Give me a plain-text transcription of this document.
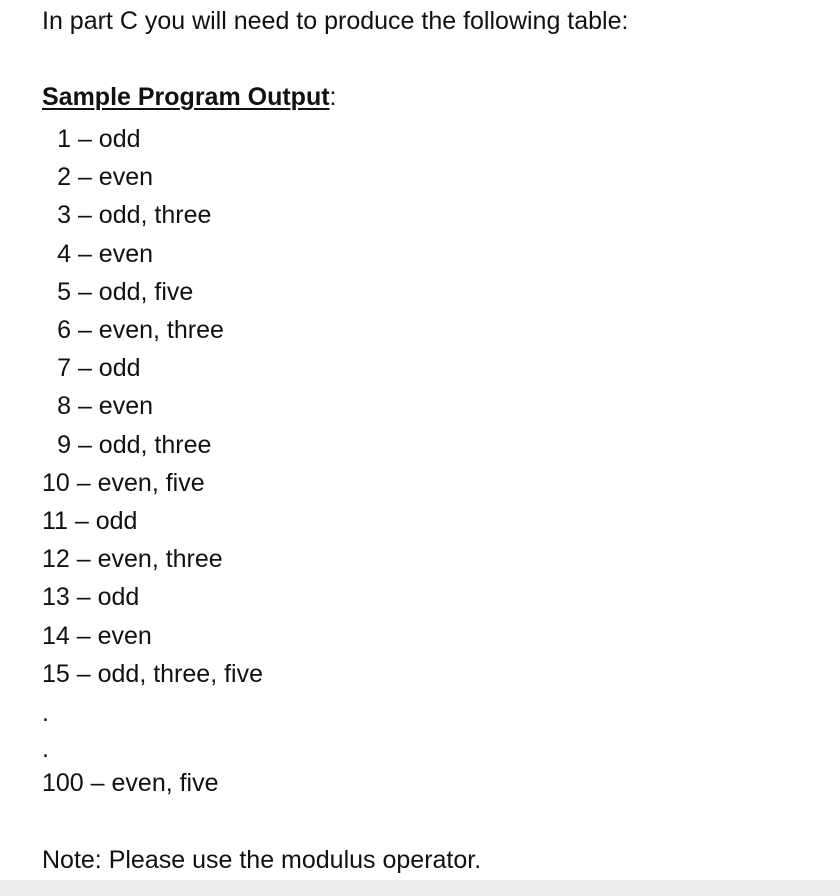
In part C you will need to produce the following table:
Sample Program Output:
1 – odd
2 – even
3 – odd, three
4 – even
5 – odd, five
6 – even, three
7 – odd
8 – even
9 – odd, three
10 – even, five
11 – odd
12 – even, three
13 – odd
14 – even
15 – odd, three, five
.
.
100 – even, five
Note: Please use the modulus operator.
